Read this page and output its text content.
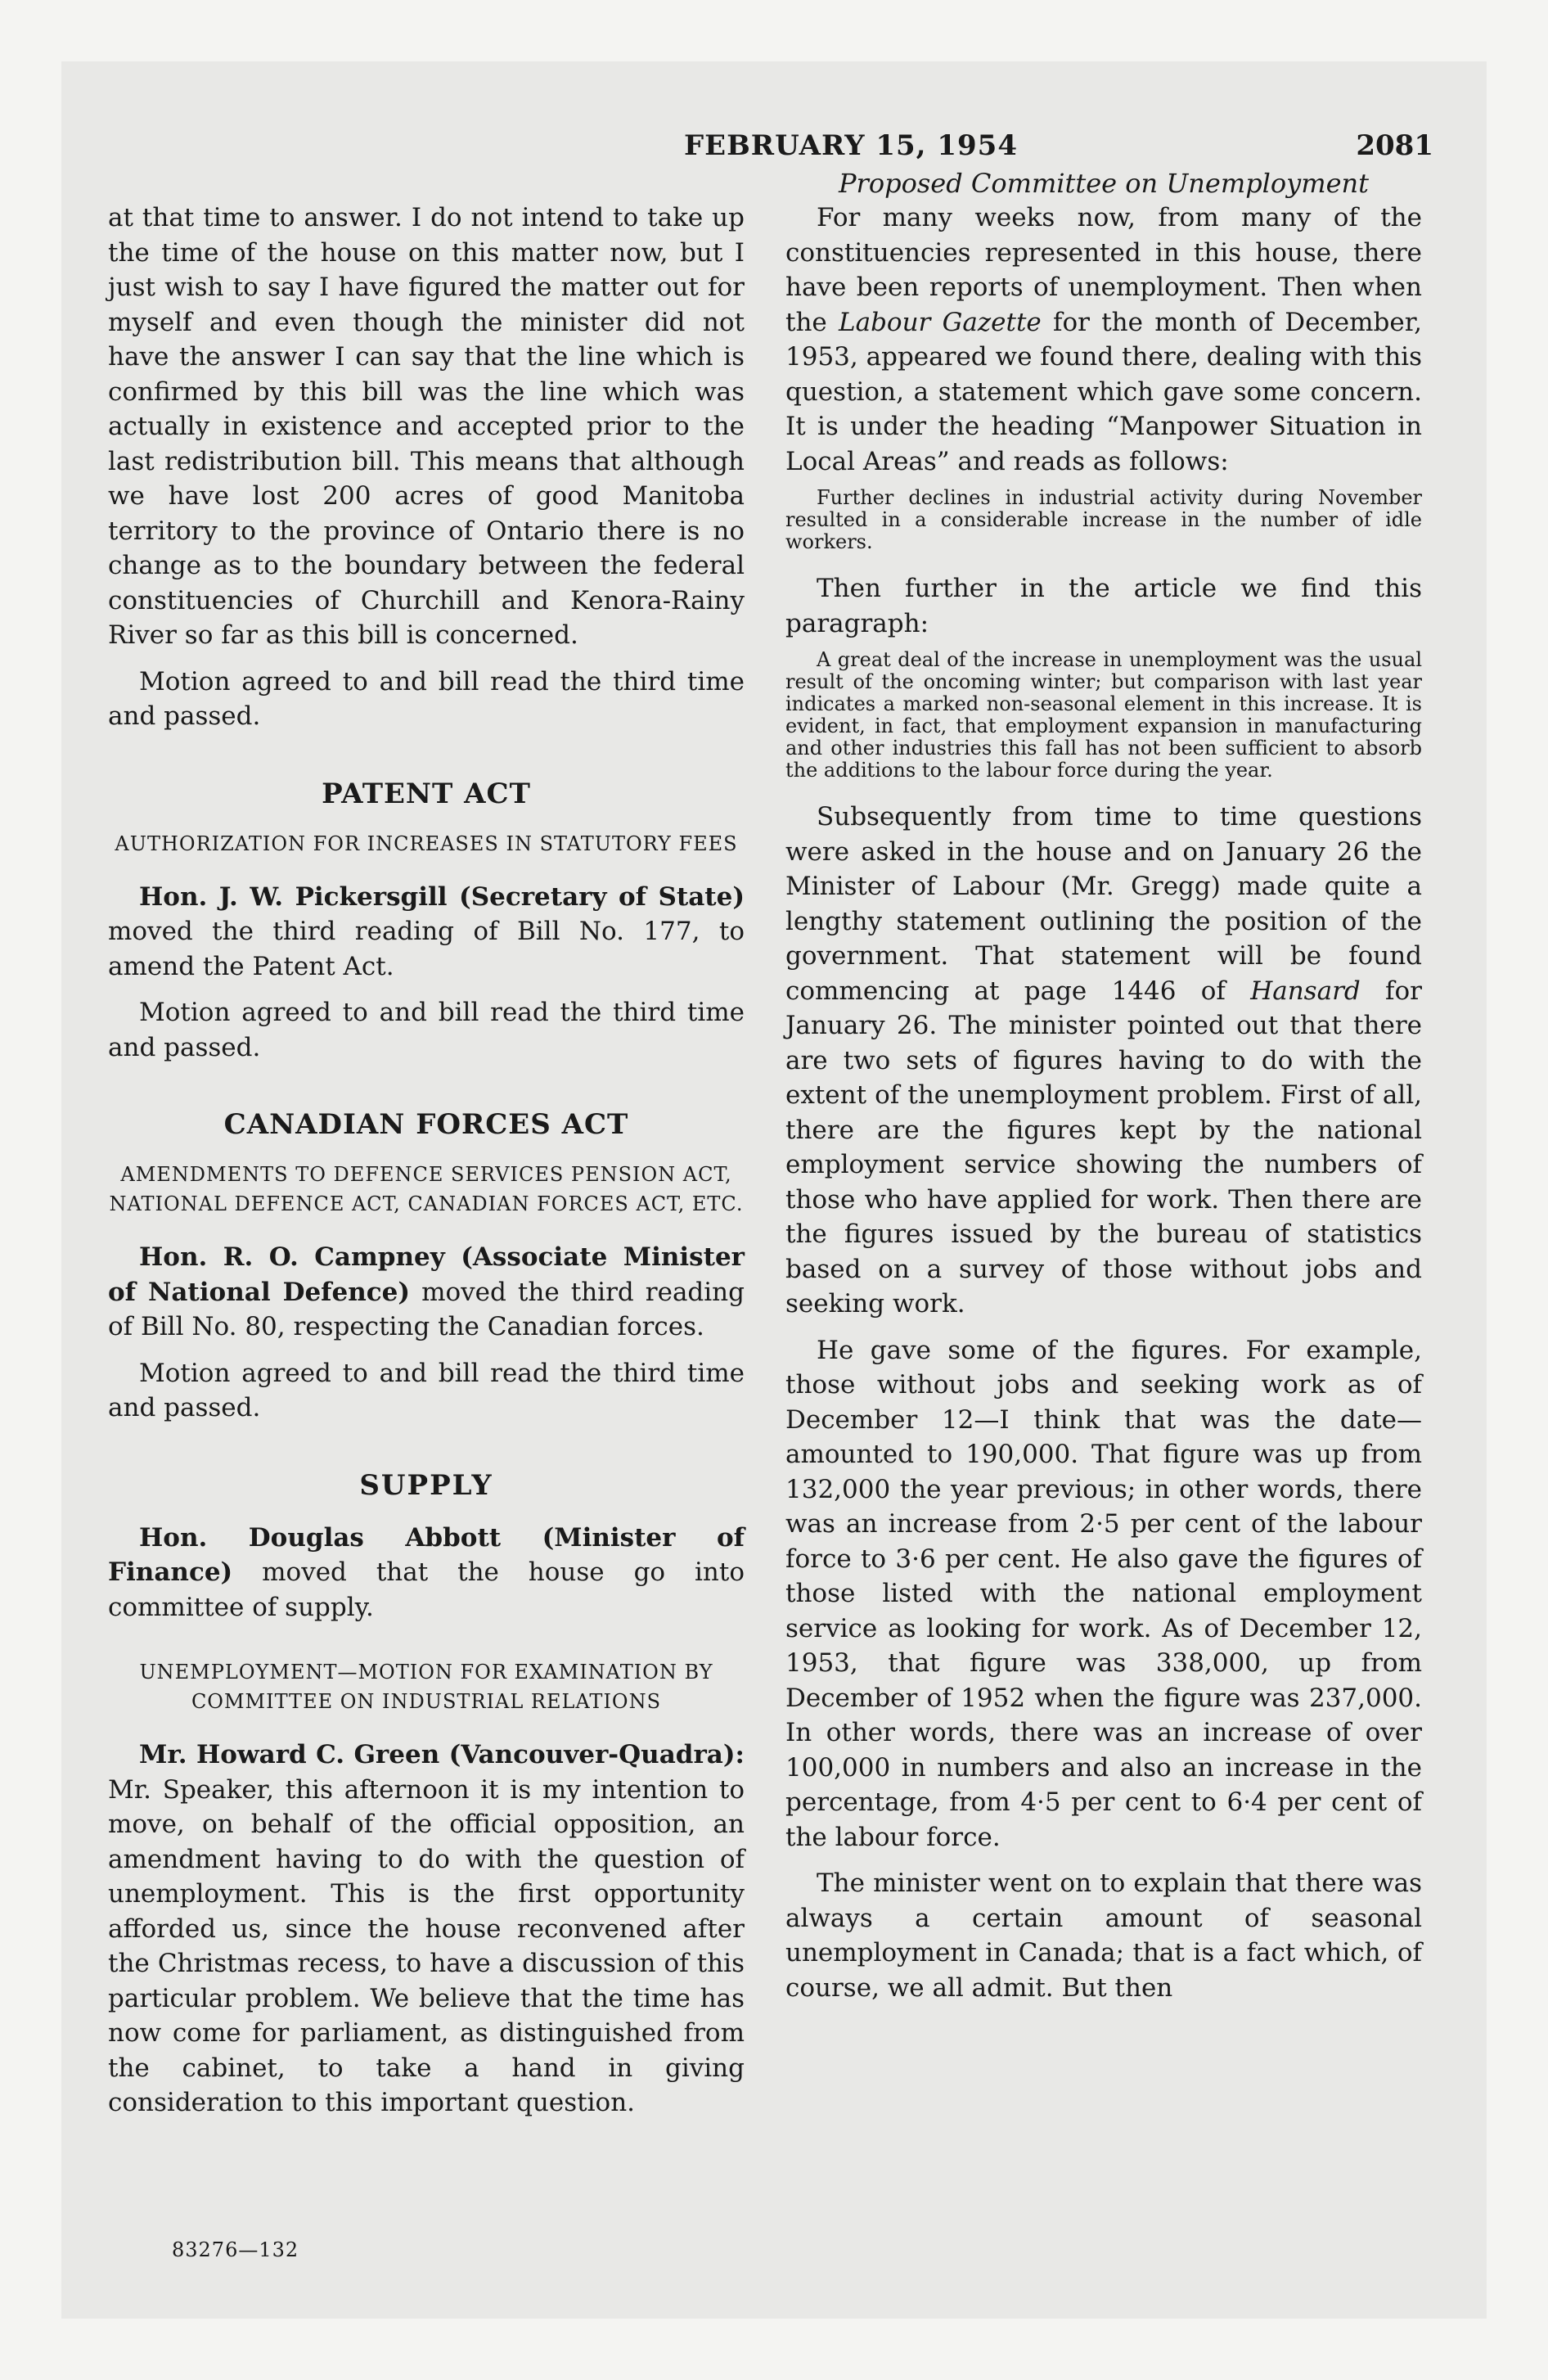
FEBRUARY 15, 1954	2081

at that time to answer. I do not intend to take up the time of the house on this matter now, but I just wish to say I have figured the matter out for myself and even though the minister did not have the answer I can say that the line which is confirmed by this bill was the line which was actually in existence and accepted prior to the last redistribution bill. This means that although we have lost 200 acres of good Manitoba territory to the province of Ontario there is no change as to the boundary between the federal constituencies of Churchill and Kenora-Rainy River so far as this bill is concerned.

Motion agreed to and bill read the third time and passed.

PATENT ACT
AUTHORIZATION FOR INCREASES IN STATUTORY FEES

Hon. J. W. Pickersgill (Secretary of State) moved the third reading of Bill No. 177, to amend the Patent Act.

Motion agreed to and bill read the third time and passed.

CANADIAN FORCES ACT
AMENDMENTS TO DEFENCE SERVICES PENSION ACT, NATIONAL DEFENCE ACT, CANADIAN FORCES ACT, ETC.

Hon. R. O. Campney (Associate Minister of National Defence) moved the third reading of Bill No. 80, respecting the Canadian forces.

Motion agreed to and bill read the third time and passed.

SUPPLY

Hon. Douglas Abbott (Minister of Finance) moved that the house go into committee of supply.

UNEMPLOYMENT—MOTION FOR EXAMINATION BY COMMITTEE ON INDUSTRIAL RELATIONS

Mr. Howard C. Green (Vancouver-Quadra): Mr. Speaker, this afternoon it is my intention to move, on behalf of the official opposition, an amendment having to do with the question of unemployment. This is the first opportunity afforded us, since the house reconvened after the Christmas recess, to have a discussion of this particular problem. We believe that the time has now come for parliament, as distinguished from the cabinet, to take a hand in giving consideration to this important question.

Proposed Committee on Unemployment

For many weeks now, from many of the constituencies represented in this house, there have been reports of unemployment. Then when the Labour Gazette for the month of December, 1953, appeared we found there, dealing with this question, a statement which gave some concern. It is under the heading “Manpower Situation in Local Areas” and reads as follows:

Further declines in industrial activity during November resulted in a considerable increase in the number of idle workers.

Then further in the article we find this paragraph:

A great deal of the increase in unemployment was the usual result of the oncoming winter; but comparison with last year indicates a marked non-seasonal element in this increase. It is evident, in fact, that employment expansion in manufacturing and other industries this fall has not been sufficient to absorb the additions to the labour force during the year.

Subsequently from time to time questions were asked in the house and on January 26 the Minister of Labour (Mr. Gregg) made quite a lengthy statement outlining the position of the government. That statement will be found commencing at page 1446 of Hansard for January 26. The minister pointed out that there are two sets of figures having to do with the extent of the unemployment problem. First of all, there are the figures kept by the national employment service showing the numbers of those who have applied for work. Then there are the figures issued by the bureau of statistics based on a survey of those without jobs and seeking work.

He gave some of the figures. For example, those without jobs and seeking work as of December 12—I think that was the date—amounted to 190,000. That figure was up from 132,000 the year previous; in other words, there was an increase from 2·5 per cent of the labour force to 3·6 per cent. He also gave the figures of those listed with the national employment service as looking for work. As of December 12, 1953, that figure was 338,000, up from December of 1952 when the figure was 237,000. In other words, there was an increase of over 100,000 in numbers and also an increase in the percentage, from 4·5 per cent to 6·4 per cent of the labour force.

The minister went on to explain that there was always a certain amount of seasonal unemployment in Canada; that is a fact which, of course, we all admit. But then

83276—132
